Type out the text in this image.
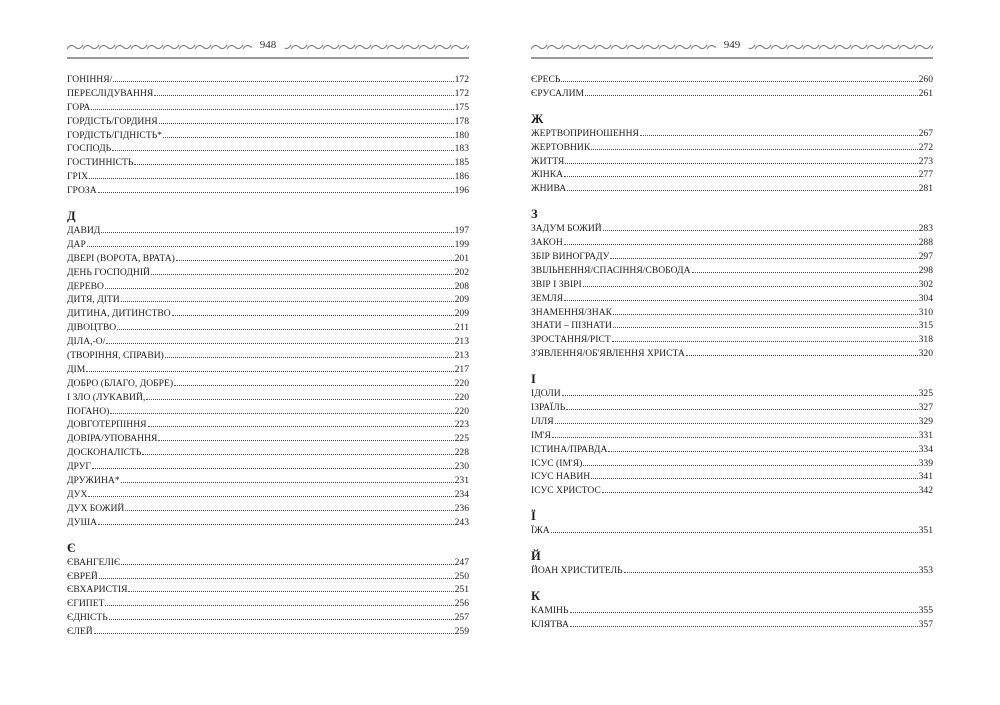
948
ГОНІННЯ/	172
ПЕРЕСЛІДУВАННЯ	172
ГОРА	175
ГОРДІСТЬ/ГОРДИНЯ	178
ГОРДІСТЬ/ГІДНІСТЬ*	180
ГОСПОДЬ	183
ГОСТИННІСТЬ	185
ГРІХ	186
ГРОЗА	196
Д
ДАВИД	197
ДАР	199
ДВЕРІ (ВОРОТА, ВРАТА)	201
ДЕНЬ ГОСПОДНІЙ	202
ДЕРЕВО	208
ДИТЯ, ДІТИ	209
ДИТИНА, ДИТИНСТВО	209
ДІВОЦТВО	211
ДІЛА,-О/	213
(ТВОРІННЯ, СПРАВИ)	213
ДІМ	217
ДОБРО (БЛАГО, ДОБРЕ)	220
І ЗЛО (ЛУКАВИЙ,	220
ПОГАНО)	220
ДОВГОТЕРПІННЯ	223
ДОВІРА/УПОВАННЯ	225
ДОСКОНАЛІСТЬ	228
ДРУГ	230
ДРУЖИНА*	231
ДУХ	234
ДУХ БОЖИЙ	236
ДУША	243
Є
ЄВАНГЕЛІЄ	247
ЄВРЕЙ	250
ЄВХАРИСТІЯ	251
ЄГИПЕТ	256
ЄДНІСТЬ	257
ЄЛЕЙ	259
949
ЄРЕСЬ	260
ЄРУСАЛИМ	261
Ж
ЖЕРТВОПРИНОШЕННЯ	267
ЖЕРТОВНИК	272
ЖИТТЯ	273
ЖІНКА	277
ЖНИВА	281
З
ЗАДУМ БОЖИЙ	283
ЗАКОН	288
ЗБІР ВИНОГРАДУ	297
ЗВІЛЬНЕННЯ/СПАСІННЯ/СВОБОДА	298
ЗВІР І ЗВІРІ	302
ЗЕМЛЯ	304
ЗНАМЕННЯ/ЗНАК	310
ЗНАТИ – ПІЗНАТИ	315
ЗРОСТАННЯ/РІСТ	318
З'ЯВЛЕННЯ/ОБ'ЯВЛЕННЯ ХРИСТА	320
І
ІДОЛИ	325
ІЗРАЇЛЬ	327
ІЛЛЯ	329
ІМ'Я	331
ІСТИНА/ПРАВДА	334
ІСУС (ІМ'Я)	339
ІСУС НАВИН	341
ІСУС ХРИСТОС	342
Ї
ЇЖА	351
Й
ЙОАН ХРИСТИТЕЛЬ	353
К
КАМІНЬ	355
КЛЯТВА	357
